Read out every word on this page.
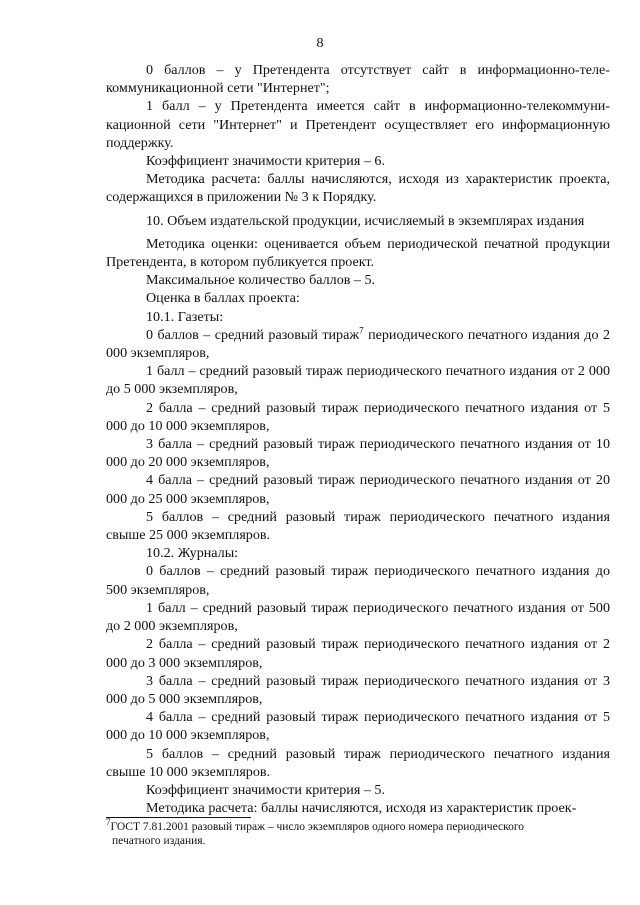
8

0 баллов – у Претендента отсутствует сайт в информационно-телекоммуникационной сети "Интернет";

1 балл – у Претендента имеется сайт в информационно-телекоммуникационной сети "Интернет" и Претендент осуществляет его информационную поддержку.

Коэффициент значимости критерия – 6.

Методика расчета: баллы начисляются, исходя из характеристик проекта, содержащихся в приложении № 3 к Порядку.

10. Объем издательской продукции, исчисляемый в экземплярах издания

Методика оценки: оценивается объем периодической печатной продукции Претендента, в котором публикуется проект.

Максимальное количество баллов – 5.

Оценка в баллах проекта:

10.1. Газеты:

0 баллов – средний разовый тираж$^7$ периодического печатного издания до 2 000 экземпляров,

1 балл – средний разовый тираж периодического печатного издания от 2 000 до 5 000 экземпляров,

2 балла – средний разовый тираж периодического печатного издания от 5 000 до 10 000 экземпляров,

3 балла – средний разовый тираж периодического печатного издания от 10 000 до 20 000 экземпляров,

4 балла – средний разовый тираж периодического печатного издания от 20 000 до 25 000 экземпляров,

5 баллов – средний разовый тираж периодического печатного издания свыше 25 000 экземпляров.

10.2. Журналы:

0 баллов – средний разовый тираж периодического печатного издания до 500 экземпляров,

1 балл – средний разовый тираж периодического печатного издания от 500 до 2 000 экземпляров,

2 балла – средний разовый тираж периодического печатного издания от 2 000 до 3 000 экземпляров,

3 балла – средний разовый тираж периодического печатного издания от 3 000 до 5 000 экземпляров,

4 балла – средний разовый тираж периодического печатного издания от 5 000 до 10 000 экземпляров,

5 баллов – средний разовый тираж периодического печатного издания свыше 10 000 экземпляров.

Коэффициент значимости критерия – 5.

Методика расчета: баллы начисляются, исходя из характеристик проек-

$^7$ГОСТ 7.81.2001 разовый тираж – число экземпляров одного номера периодического
печатного издания.
